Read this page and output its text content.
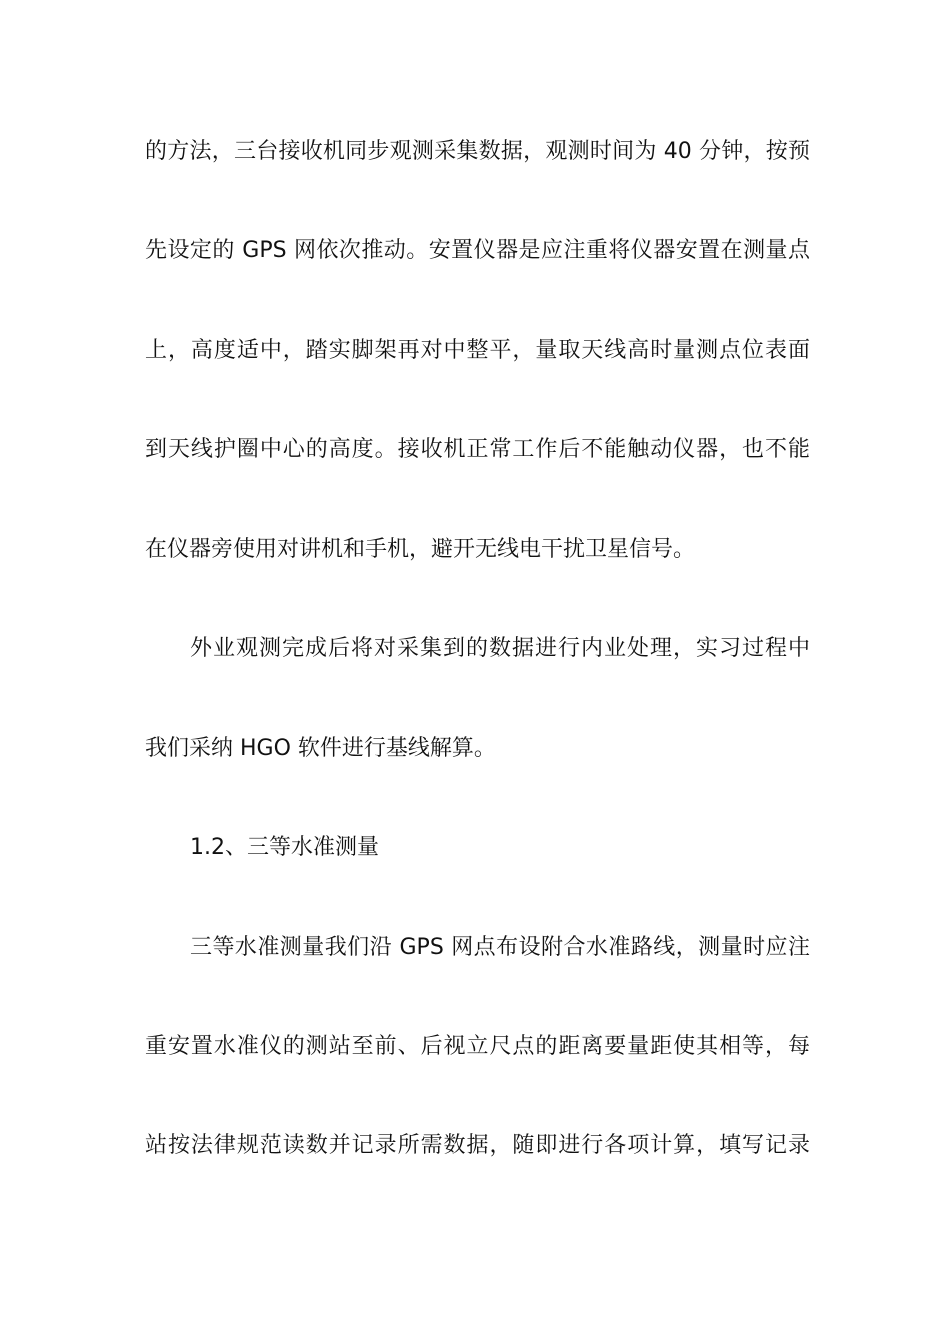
的方法，三台接收机同步观测采集数据，观测时间为 40 分钟，按预
先设定的 GPS 网依次推动。安置仪器是应注重将仪器安置在测量点
上，高度适中，踏实脚架再对中整平，量取天线高时量测点位表面
到天线护圈中心的高度。接收机正常工作后不能触动仪器，也不能
在仪器旁使用对讲机和手机，避开无线电干扰卫星信号。
外业观测完成后将对采集到的数据进行内业处理，实习过程中
我们采纳 HGO 软件进行基线解算。
1.2、三等水准测量
三等水准测量我们沿 GPS 网点布设附合水准路线，测量时应注
重安置水准仪的测站至前、后视立尺点的距离要量距使其相等，每
站按法律规范读数并记录所需数据，随即进行各项计算，填写记录
